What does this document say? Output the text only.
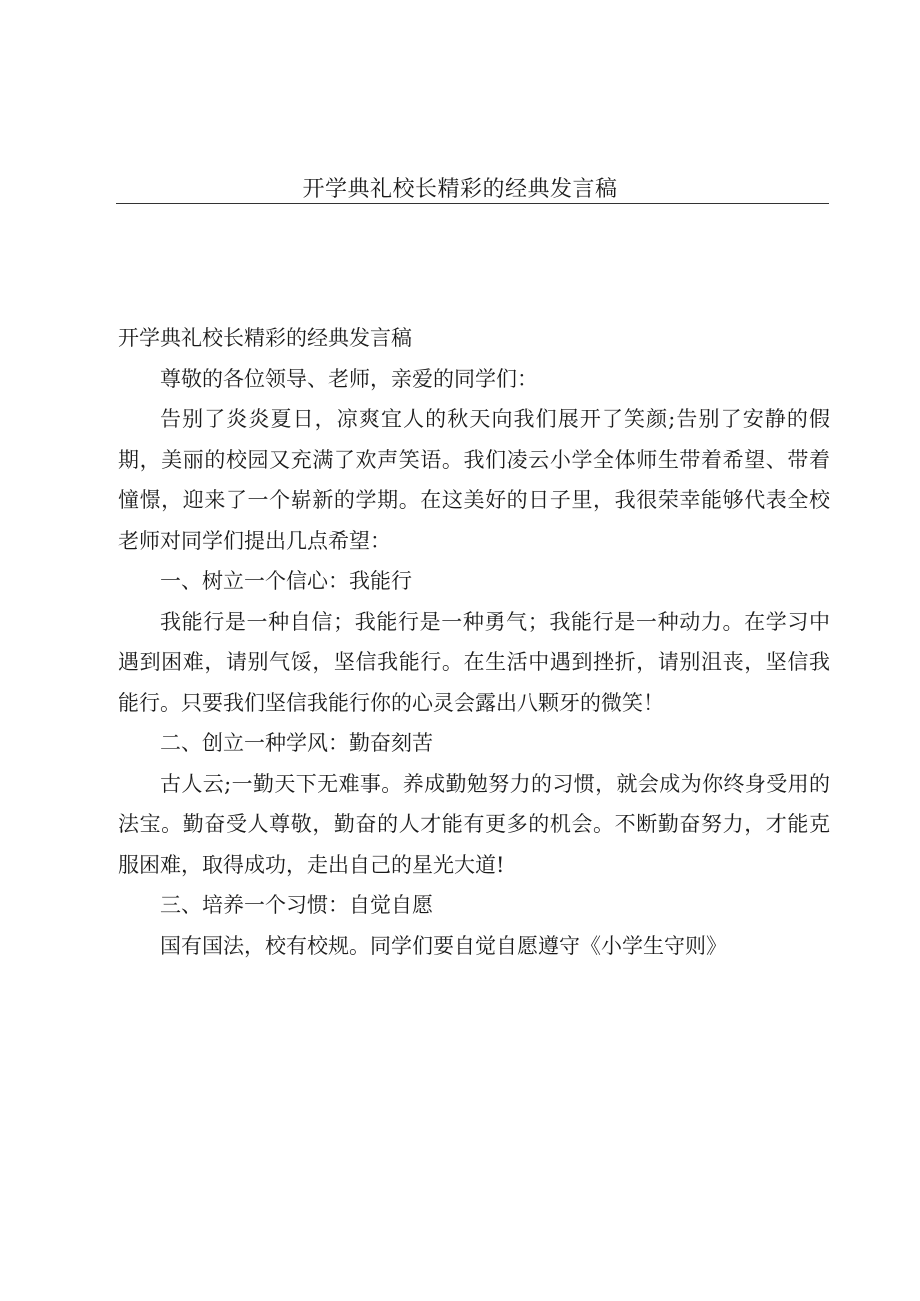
开学典礼校长精彩的经典发言稿

开学典礼校长精彩的经典发言稿

尊敬的各位领导、老师，亲爱的同学们：

告别了炎炎夏日，凉爽宜人的秋天向我们展开了笑颜;告别了安静的假期，美丽的校园又充满了欢声笑语。我们凌云小学全体师生带着希望、带着憧憬，迎来了一个崭新的学期。在这美好的日子里，我很荣幸能够代表全校老师对同学们提出几点希望：

一、树立一个信心：我能行

我能行是一种自信；我能行是一种勇气；我能行是一种动力。在学习中遇到困难，请别气馁，坚信我能行。在生活中遇到挫折，请别沮丧，坚信我能行。只要我们坚信我能行你的心灵会露出八颗牙的微笑！

二、创立一种学风：勤奋刻苦

古人云;一勤天下无难事。养成勤勉努力的习惯，就会成为你终身受用的法宝。勤奋受人尊敬，勤奋的人才能有更多的机会。不断勤奋努力，才能克服困难，取得成功，走出自己的星光大道!

三、培养一个习惯：自觉自愿

国有国法，校有校规。同学们要自觉自愿遵守《小学生守则》
